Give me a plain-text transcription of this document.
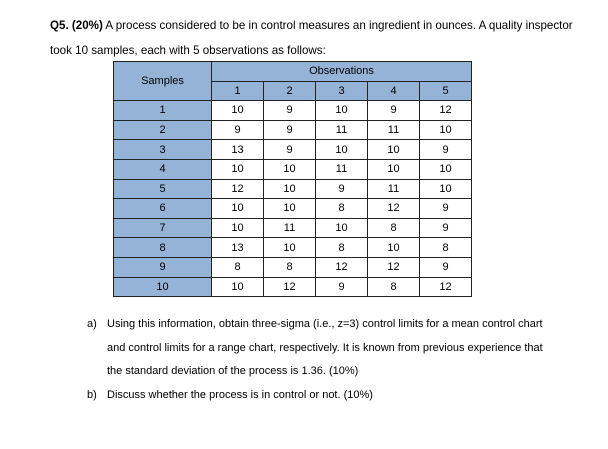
Q5. (20%) A process considered to be in control measures an ingredient in ounces. A quality inspector took 10 samples, each with 5 observations as follows:
Samples	Observations				
	1	2	3	4	5
1	10	9	10	9	12
2	9	9	11	11	10
3	13	9	10	10	9
4	10	10	11	10	10
5	12	10	9	11	10
6	10	10	8	12	9
7	10	11	10	8	9
8	13	10	8	10	8
9	8	8	12	12	9
10	10	12	9	8	12
a) Using this information, obtain three-sigma (i.e., z=3) control limits for a mean control chart and control limits for a range chart, respectively. It is known from previous experience that the standard deviation of the process is 1.36. (10%)
b) Discuss whether the process is in control or not. (10%)
